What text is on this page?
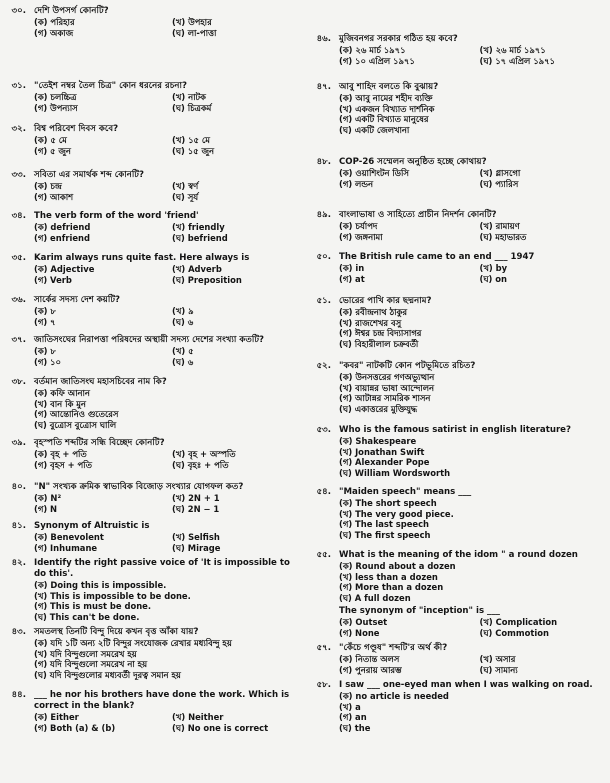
৩০. দেশি উপসর্গ কোনটি?
(ক) পরিহার	(খ) উপহার
(গ) অকাজ	(ঘ) লা-পাত্তা
৩১. "তেইশ নম্বর তৈল চিত্র" কোন ধরনের রচনা?
(ক) চলচ্চিত্র	(খ) নাটক
(গ) উপন্যাস	(ঘ) চিত্রকর্ম
৩২. বিশ্ব পরিবেশ দিবস কবে?
(ক) ৫ মে	(খ) ১৫ মে
(গ) ৫ জুন	(ঘ) ১৫ জুন
৩৩. সবিতা এর সমার্থক শব্দ কোনটি?
(ক) চন্দ্র	(খ) স্বর্ণ
(গ) আকাশ	(ঘ) সূর্য
৩৪. The verb form of the word 'friend'
(ক) defriend	(খ) friendly
(গ) enfriend	(ঘ) befriend
৩৫. Karim always runs quite fast. Here always is
(ক) Adjective	(খ) Adverb
(গ) Verb	(ঘ) Preposition
৩৬. সার্কের সদস্য দেশ কয়টি?
(ক) ৮	(খ) ৯
(গ) ৭	(ঘ) ৬
৩৭. জাতিসংঘের নিরাপত্তা পরিষদের অস্থায়ী সদস্য দেশের সংখ্যা কতটি?
(ক) ৮	(খ) ৫
(গ) ১০	(ঘ) ৬
৩৮. বর্তমান জাতিসংঘ মহাসচিবের নাম কি?
(ক) কফি আনান
(খ) বান কি মুন
(গ) আন্তোনিও গুতেরেস
(ঘ) বুত্রোস বুত্রোস ঘালি
৩৯. বৃহস্পতি শব্দটির সন্ধি বিচ্ছেদ কোনটি?
(ক) বৃহ + পতি	(খ) বৃহ + অস্পতি
(গ) বৃহস + পতি	(ঘ) বৃহঃ + পতি
৪০. "N" সংখ্যক ক্রমিক স্বাভাবিক বিজোড় সংখ্যার যোগফল কত?
(ক) N²	(খ) 2N + 1
(গ) N	(ঘ) 2N − 1
৪১. Synonym of Altruistic is
(ক) Benevolent	(খ) Selfish
(গ) Inhumane	(ঘ) Mirage
৪২. Identify the right passive voice of 'It is impossible to do this'.
(ক) Doing this is impossible.
(খ) This is impossible to be done.
(গ) This is must be done.
(ঘ) This can't be done.
৪৩. সমতলস্থ তিনটি বিন্দু দিয়ে কখন বৃত্ত আঁকা যায়?
(ক) যদি ১টি অন্য ২টি বিন্দুর সংযোজক রেখার মধ্যবিন্দু হয়
(খ) যদি বিন্দুগুলো সমরেখ হয়
(গ) যদি বিন্দুগুলো সমরেখ না হয়
(ঘ) যদি বিন্দুগুলোর মধ্যবর্তী দূরত্ব সমান হয়
৪৪. ___ he nor his brothers have done the work. Which is correct in the blank?
(ক) Either	(খ) Neither
(গ) Both (a) & (b)	(ঘ) No one is correct
৪৬. মুজিবনগর সরকার গঠিত হয় কবে?
(ক) ২৬ মার্চ ১৯৭১	(খ) ২৬ মার্চ ১৯৭১
(গ) ১০ এপ্রিল ১৯৭১	(ঘ) ১৭ এপ্রিল ১৯৭১
৪৭. আবু শাহিদ বলতে কি বুঝায়?
(ক) আবু নামের শহীদ ব্যক্তি
(খ) একজন বিখ্যাত দার্শনিক
(গ) একটি বিখ্যাত মানুষের
(ঘ) একটি জেলখানা
৪৮. COP-26 সম্মেলন অনুষ্ঠিত হচ্ছে কোথায়?
(ক) ওয়াশিংটন ডিসি	(খ) গ্লাসগো
(গ) লন্ডন	(ঘ) প্যারিস
৪৯. বাংলাভাষা ও সাহিত্যে প্রাচীন নিদর্শন কোনটি?
(ক) চর্যাপদ	(খ) রামায়ণ
(গ) জঙ্গনামা	(ঘ) মহাভারত
৫০. The British rule came to an end ___ 1947
(ক) in	(খ) by
(গ) at	(ঘ) on
৫১. ভোরের পাখি কার ছদ্মনাম?
(ক) রবীন্দ্রনাথ ঠাকুর
(খ) রাজশেখর বসু
(গ) ঈশ্বর চন্দ্র বিদ্যাসাগর
(ঘ) বিহারীলাল চক্রবর্তী
৫২. "কবর" নাটকটি কোন পটভূমিতে রচিত?
(ক) উনসত্তরের গণঅভ্যুত্থান
(খ) বায়ান্নর ভাষা আন্দোলন
(গ) আটান্নর সামরিক শাসন
(ঘ) একাত্তরের মুক্তিযুদ্ধ
৫৩. Who is the famous satirist in english literature?
(ক) Shakespeare
(খ) Jonathan Swift
(গ) Alexander Pope
(ঘ) William Wordsworth
৫৪. "Maiden speech" means ___
(ক) The short speech
(খ) The very good piece.
(গ) The last speech
(ঘ) The first speech
৫৫. What is the meaning of the idom " a round dozen
(ক) Round about a dozen
(খ) less than a dozen
(গ) More than a dozen
(ঘ) A full dozen
The synonym of "inception" is ___
(ক) Outset	(খ) Complication
(গ) None	(ঘ) Commotion
৫৭. "কেঁচে গণ্ডূষ" শব্দটি'র অর্থ কী?
(ক) নিতান্ত অলস	(খ) অসার
(গ) পুনরায় আরম্ভ	(ঘ) সামান্য
৫৮. I saw ___ one-eyed man when I was walking on road.
(ক) no article is needed
(খ) a
(গ) an
(ঘ) the
